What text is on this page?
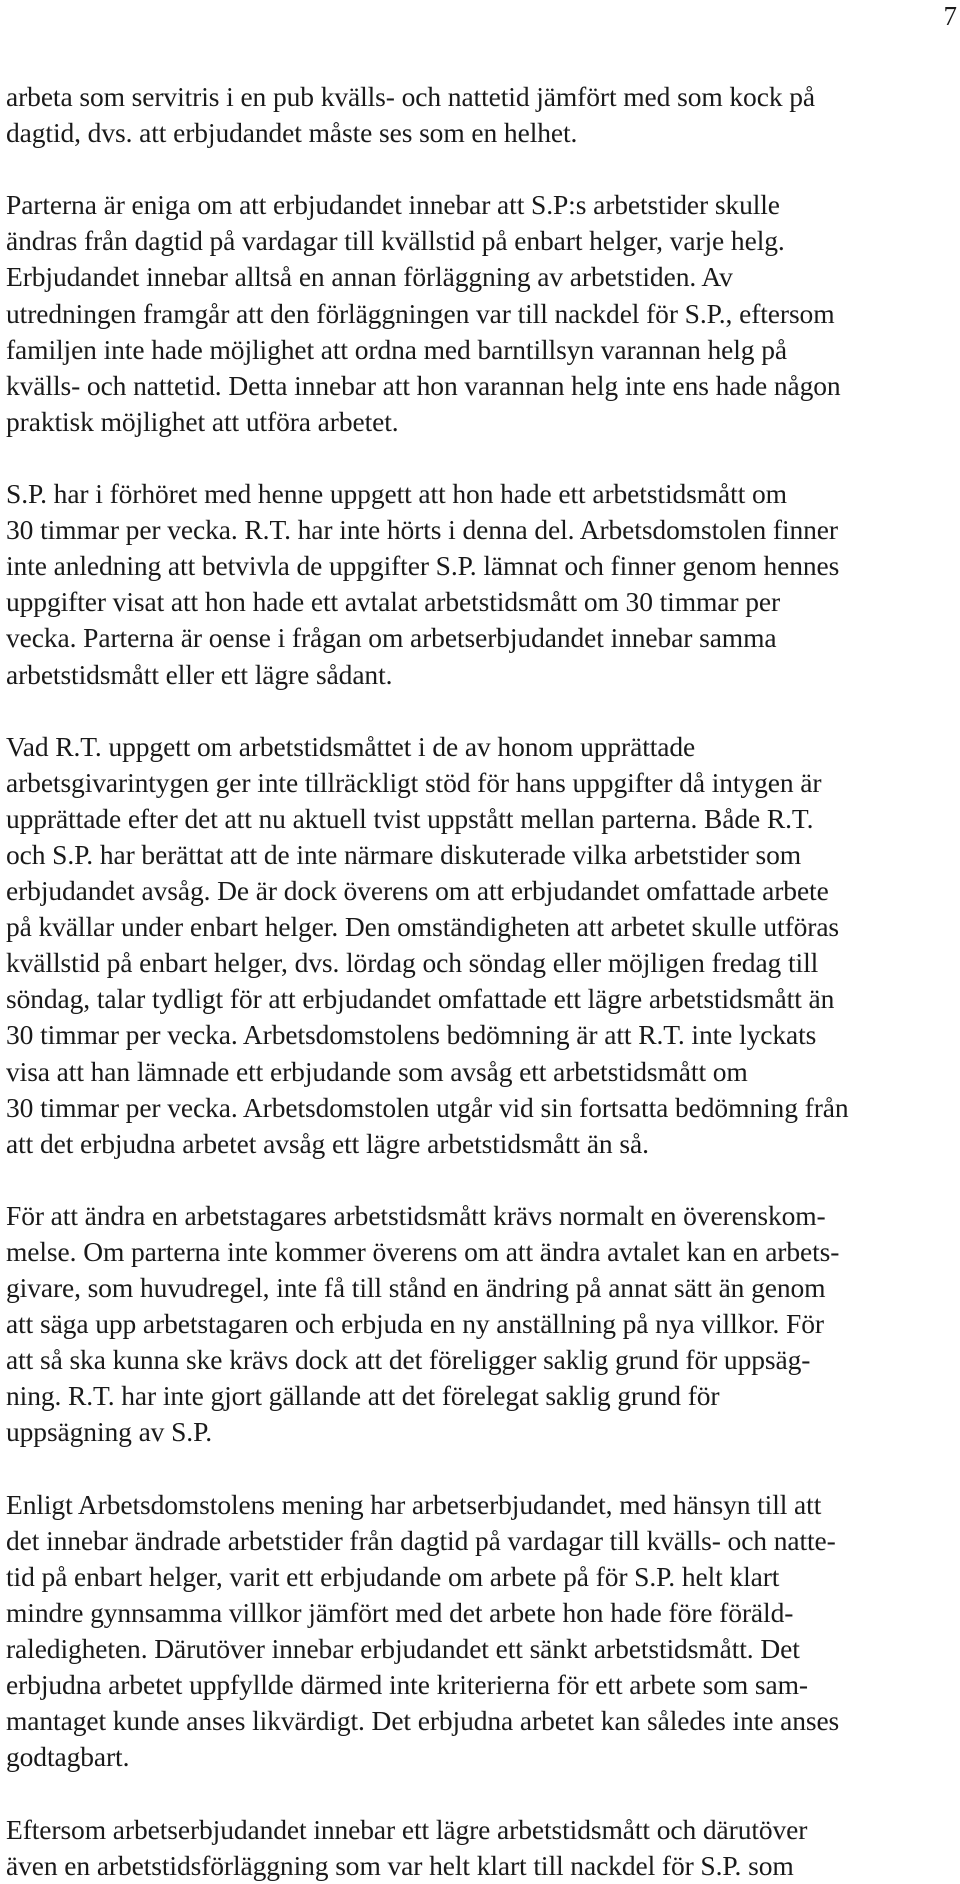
7
arbeta som servitris i en pub kvälls- och nattetid jämfört med som kock på
dagtid, dvs. att erbjudandet måste ses som en helhet.
Parterna är eniga om att erbjudandet innebar att S.P:s arbetstider skulle
ändras från dagtid på vardagar till kvällstid på enbart helger, varje helg.
Erbjudandet innebar alltså en annan förläggning av arbetstiden. Av
utredningen framgår att den förläggningen var till nackdel för S.P., eftersom
familjen inte hade möjlighet att ordna med barntillsyn varannan helg på
kvälls- och nattetid. Detta innebar att hon varannan helg inte ens hade någon
praktisk möjlighet att utföra arbetet.
S.P. har i förhöret med henne uppgett att hon hade ett arbetstidsmått om
30 timmar per vecka. R.T. har inte hörts i denna del. Arbetsdomstolen finner
inte anledning att betvivla de uppgifter S.P. lämnat och finner genom hennes
uppgifter visat att hon hade ett avtalat arbetstidsmått om 30 timmar per
vecka. Parterna är oense i frågan om arbetserbjudandet innebar samma
arbetstidsmått eller ett lägre sådant.
Vad R.T. uppgett om arbetstidsmåttet i de av honom upprättade
arbetsgivarintygen ger inte tillräckligt stöd för hans uppgifter då intygen är
upprättade efter det att nu aktuell tvist uppstått mellan parterna. Både R.T.
och S.P. har berättat att de inte närmare diskuterade vilka arbetstider som
erbjudandet avsåg. De är dock överens om att erbjudandet omfattade arbete
på kvällar under enbart helger. Den omständigheten att arbetet skulle utföras
kvällstid på enbart helger, dvs. lördag och söndag eller möjligen fredag till
söndag, talar tydligt för att erbjudandet omfattade ett lägre arbetstidsmått än
30 timmar per vecka. Arbetsdomstolens bedömning är att R.T. inte lyckats
visa att han lämnade ett erbjudande som avsåg ett arbetstidsmått om
30 timmar per vecka. Arbetsdomstolen utgår vid sin fortsatta bedömning från
att det erbjudna arbetet avsåg ett lägre arbetstidsmått än så.
För att ändra en arbetstagares arbetstidsmått krävs normalt en överenskom-
melse. Om parterna inte kommer överens om att ändra avtalet kan en arbets-
givare, som huvudregel, inte få till stånd en ändring på annat sätt än genom
att säga upp arbetstagaren och erbjuda en ny anställning på nya villkor. För
att så ska kunna ske krävs dock att det föreligger saklig grund för uppsäg-
ning. R.T. har inte gjort gällande att det förelegat saklig grund för
uppsägning av S.P.
Enligt Arbetsdomstolens mening har arbetserbjudandet, med hänsyn till att
det innebar ändrade arbetstider från dagtid på vardagar till kvälls- och natte-
tid på enbart helger, varit ett erbjudande om arbete på för S.P. helt klart
mindre gynnsamma villkor jämfört med det arbete hon hade före föräld-
raledigheten. Därutöver innebar erbjudandet ett sänkt arbetstidsmått. Det
erbjudna arbetet uppfyllde därmed inte kriterierna för ett arbete som sam-
mantaget kunde anses likvärdigt. Det erbjudna arbetet kan således inte anses
godtagbart.
Eftersom arbetserbjudandet innebar ett lägre arbetstidsmått och därutöver
även en arbetstidsförläggning som var helt klart till nackdel för S.P. som
